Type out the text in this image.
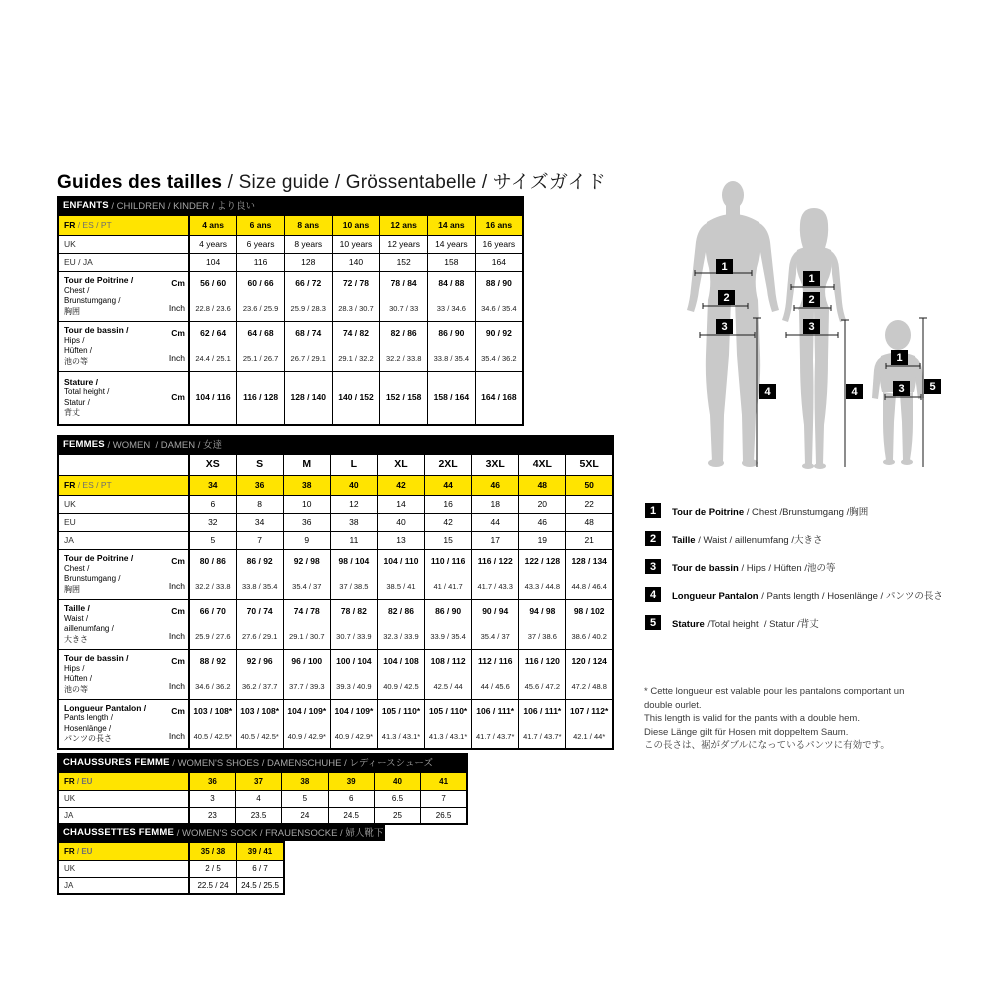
Guides des tailles / Size guide / Grössentabelle / サイズガイド
ENFANTS / CHILDREN / KINDER / より良い
FR / ES / PT		4 ans	6 ans	8 ans	10 ans	12 ans	14 ans	16 ans
UK		4 years	6 years	8 years	10 years	12 years	14 years	16 years
EU / JA		104	116	128	140	152	158	164

Tour de Poitrine /
Chest /
Brunstumgang /
胸囲	Cm	56 / 60	60 / 66	66 / 72	72 / 78	78 / 84	84 / 88	88 / 90
	Inch	22.8 / 23.6	23.6 / 25.9	25.9 / 28.3	28.3 / 30.7	30.7 / 33	33 / 34.6	34.6 / 35.4

Tour de bassin /
Hips /
Hüften /
池の等	Cm	62 / 64	64 / 68	68 / 74	74 / 82	82 / 86	86 / 90	90 / 92
	Inch	24.4 / 25.1	25.1 / 26.7	26.7 / 29.1	29.1 / 32.2	32.2 / 33.8	33.8 / 35.4	35.4 / 36.2

Stature /
Total height /
Statur /
背丈	Cm	104 / 116	116 / 128	128 / 140	140 / 152	152 / 158	158 / 164	164 / 168
FEMMES / WOMEN  / DAMEN / 女達
		XS	S	M	L	XL	2XL	3XL	4XL	5XL
FR / ES / PT		34	36	38	40	42	44	46	48	50
UK		6	8	10	12	14	16	18	20	22
EU		32	34	36	38	40	42	44	46	48
JA		5	7	9	11	13	15	17	19	21

Tour de Poitrine /
Chest /
Brunstumgang /
胸囲	Cm	80 / 86	86 / 92	92 / 98	98 / 104	104 / 110	110 / 116	116 / 122	122 / 128	128 / 134
	Inch	32.2 / 33.8	33.8 / 35.4	35.4 / 37	37 / 38.5	38.5 / 41	41 / 41.7	41.7 / 43.3	43.3 / 44.8	44.8 / 46.4

Taille /
Waist /
aillenumfang /
大きさ	Cm	66 / 70	70 / 74	74 / 78	78 / 82	82 / 86	86 / 90	90 / 94	94 / 98	98 / 102
	Inch	25.9 / 27.6	27.6 / 29.1	29.1 / 30.7	30.7 / 33.9	32.3 / 33.9	33.9 / 35.4	35.4 / 37	37 / 38.6	38.6 / 40.2

Tour de bassin /
Hips /
Hüften /
池の等	Cm	88 / 92	92 / 96	96 / 100	100 / 104	104 / 108	108 / 112	112 / 116	116 / 120	120 / 124
	Inch	34.6 / 36.2	36.2 / 37.7	37.7 / 39.3	39.3 / 40.9	40.9 / 42.5	42.5 / 44	44 / 45.6	45.6 / 47.2	47.2 / 48.8

Longueur Pantalon /
Pants length /
Hosenlänge /
パンツの長さ	Cm	103 / 108*	103 / 108*	104 / 109*	104 / 109*	105 / 110*	105 / 110*	106 / 111*	106 / 111*	107 / 112*
	Inch	40.5 / 42.5*	40.5 / 42.5*	40.9 / 42.9*	40.9 / 42.9*	41.3 / 43.1*	41.3 / 43.1*	41.7 / 43.7*	41.7 / 43.7*	42.1 / 44*
CHAUSSURES FEMME / WOMEN'S SHOES / DAMENSCHUHE / レディースシューズ
FR / EU	36	37	38	39	40	41
UK	3	4	5	6	6.5	7
JA	23	23.5	24	24.5	25	26.5
CHAUSSETTES FEMME / WOMEN'S SOCK / FRAUENSOCKE / 婦人靴下
FR / EU	35 / 38	39 / 41
UK	2 / 5	6 / 7
JA	22.5 / 24	24.5 / 25.5
1
2
3
4
1
2
3
4
1
3	5
1	Tour de Poitrine / Chest /Brunstumgang /胸囲
2	Taille / Waist / aillenumfang /大きさ
3	Tour de bassin / Hips / Hüften /池の等
4	Longueur Pantalon / Pants length / Hosenlänge / パンツの長さ
5	Stature /Total height  / Statur /背丈
* Cette longueur est valable pour les pantalons comportant un
double ourlet.
This length is valid for the pants with a double hem.
Diese Länge gilt für Hosen mit doppeltem Saum.
この長さは、裾がダブルになっているパンツに有効です。
